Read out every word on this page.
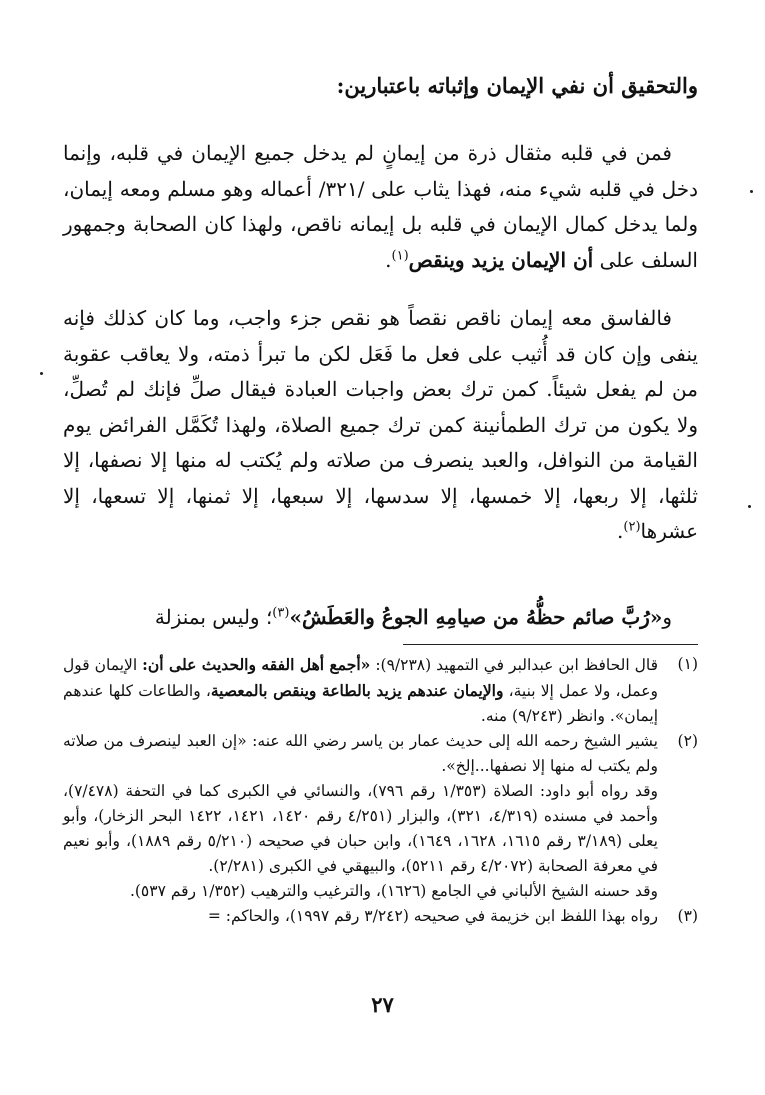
والتحقيق أن نفي الإيمان وإثباته باعتبارين:

فمن في قلبه مثقال ذرة من إيمانٍ لم يدخل جميع الإيمان في قلبه، وإنما دخل في قلبه شيء منه، فهذا يثاب على /٣٢١/ أعماله وهو مسلم ومعه إيمان، ولما يدخل كمال الإيمان في قلبه بل إيمانه ناقص، ولهذا كان الصحابة وجمهور السلف على أن الإيمان يزيد وينقص$^{(١)}$.

فالفاسق معه إيمان ناقص نقصاً هو نقص جزء واجب، وما كان كذلك فإنه ينفى وإن كان قد أُثيب على فعل ما فَعَل لكن ما تبرأ ذمته، ولا يعاقب عقوبة من لم يفعل شيئاً. كمن ترك بعض واجبات العبادة فيقال صلِّ فإنك لم تُصلِّ، ولا يكون من ترك الطمأنينة كمن ترك جميع الصلاة، ولهذا تُكَمَّل الفرائض يوم القيامة من النوافل، والعبد ينصرف من صلاته ولم يُكتب له منها إلا نصفها، إلا ثلثها، إلا ربعها، إلا خمسها، إلا سدسها، إلا سبعها، إلا ثمنها، إلا تسعها، إلا عشرها$^{(٢)}$.

و«رُبَّ صائم حظُّهُ من صيامِهِ الجوعُ والعَطَشُ»$^{(٣)}$؛ وليس بمنزلة

(١)
قال الحافظ ابن عبدالبر في التمهيد (٩/٢٣٨): «أجمع أهل الفقه والحديث على أن: الإيمان قول وعمل، ولا عمل إلا بنية، والإيمان عندهم يزيد بالطاعة وينقص بالمعصية، والطاعات كلها عندهم إيمان». وانظر (٩/٢٤٣) منه.
(٢)
يشير الشيخ رحمه الله إلى حديث عمار بن ياسر رضي الله عنه: «إن العبد لينصرف من صلاته ولم يكتب له منها إلا نصفها...إلخ».
وقد رواه أبو داود: الصلاة (١/٣٥٣ رقم ٧٩٦)، والنسائي في الكبرى كما في التحفة (٧/٤٧٨)، وأحمد في مسنده (٤/٣١٩، ٣٢١)، والبزار (٤/٢٥١ رقم ١٤٢٠، ١٤٢١، ١٤٢٢ البحر الزخار)، وأبو يعلى (٣/١٨٩ رقم ١٦١٥، ١٦٢٨، ١٦٤٩)، وابن حبان في صحيحه (٥/٢١٠ رقم ١٨٨٩)، وأبو نعيم في معرفة الصحابة (٤/٢٠٧٢ رقم ٥٢١١)، والبيهقي في الكبرى (٢/٢٨١).
وقد حسنه الشيخ الألباني في الجامع (١٦٢٦)، والترغيب والترهيب (١/٣٥٢ رقم ٥٣٧).
(٣)
رواه بهذا اللفظ ابن خزيمة في صحيحه (٣/٢٤٢ رقم ١٩٩٧)، والحاكم: =
٢٧
